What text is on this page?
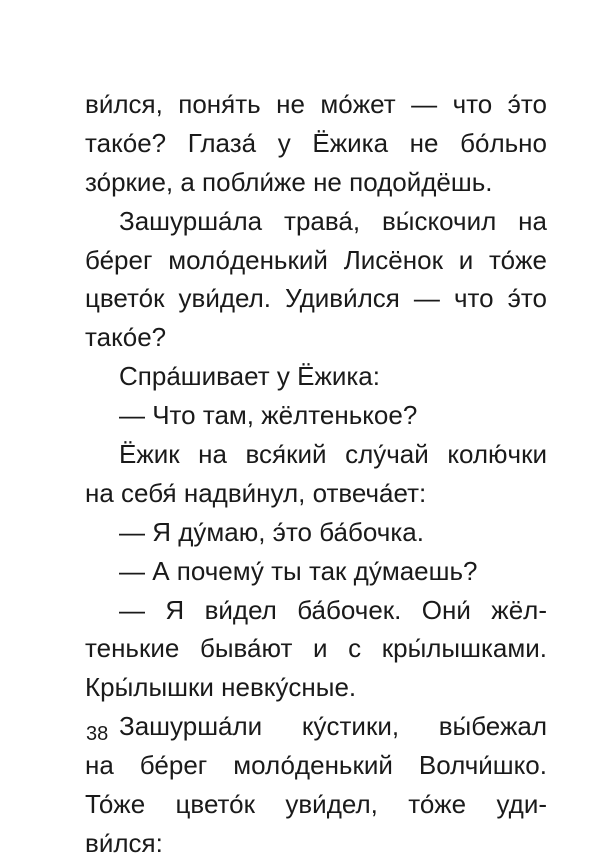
ви́лся, поня́ть не мо́жет — что э́то
тако́е? Глаза́ у Ёжика не бо́льно
зо́ркие, а побли́же не подойдёшь.
Зашурша́ла трава́, вы́скочил на
бе́рег моло́денький Лисёнок и то́же
цвето́к уви́дел. Удиви́лся — что э́то
тако́е?
Спра́шивает у Ёжика:
— Что там, жёлтенькое?
Ёжик на вся́кий слу́чай колю́чки
на себя́ надви́нул, отвеча́ет:
— Я ду́маю, э́то ба́бочка.
— А почему́ ты так ду́маешь?
— Я ви́дел ба́бочек. Они́ жёл-
тенькие быва́ют и с кры́лышками.
Кры́лышки невку́сные.
Зашурша́ли ку́стики, вы́бежал
на бе́рег моло́денький Волчи́шко.
То́же цвето́к уви́дел, то́же уди-
ви́лся:
38
